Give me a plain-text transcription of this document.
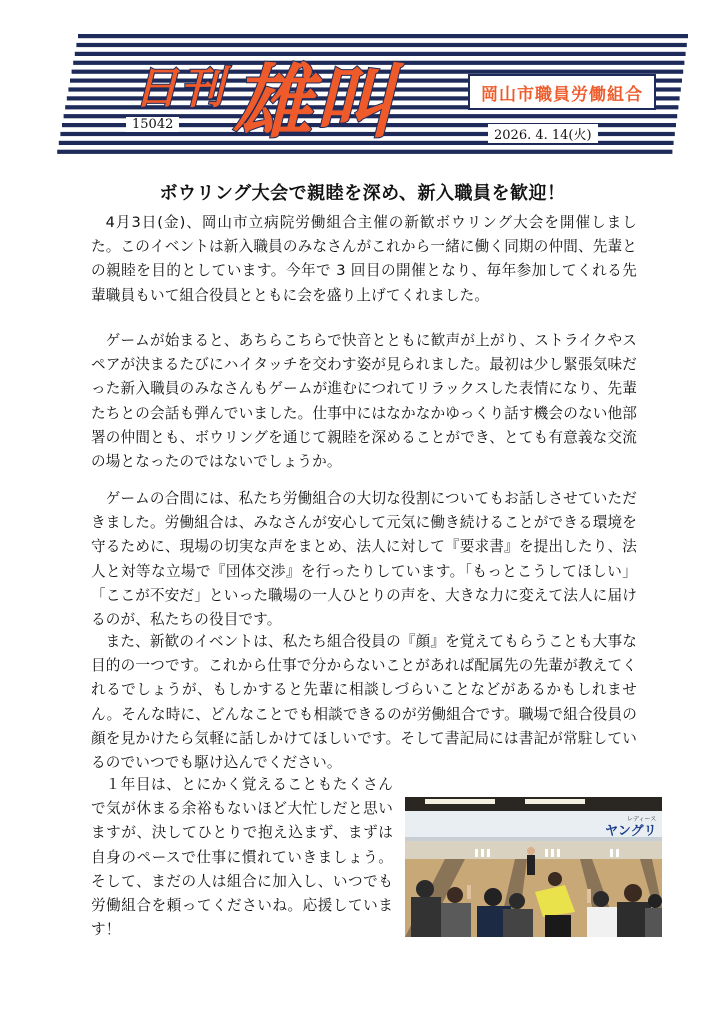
日刊雄叫	岡山市職員労働組合
15042
2026. 4. 14(火)
ボウリング大会で親睦を深め、新入職員を歓迎！

4月3日(金)、岡山市立病院労働組合主催の新歓ボウリング大会を開催しました。このイベントは新入職員のみなさんがこれから一緒に働く同期の仲間、先輩との親睦を目的としています。今年で 3 回目の開催となり、毎年参加してくれる先輩職員もいて組合役員とともに会を盛り上げてくれました。

ゲームが始まると、あちらこちらで快音とともに歓声が上がり、ストライクやスペアが決まるたびにハイタッチを交わす姿が見られました。最初は少し緊張気味だった新入職員のみなさんもゲームが進むにつれてリラックスした表情になり、先輩たちとの会話も弾んでいました。仕事中にはなかなかゆっくり話す機会のない他部署の仲間とも、ボウリングを通じて親睦を深めることができ、とても有意義な交流の場となったのではないでしょうか。

ゲームの合間には、私たち労働組合の大切な役割についてもお話しさせていただきました。労働組合は、みなさんが安心して元気に働き続けることができる環境を守るために、現場の切実な声をまとめ、法人に対して『要求書』を提出したり、法人と対等な立場で『団体交渉』を行ったりしています。「もっとこうしてほしい」「ここが不安だ」といった職場の一人ひとりの声を、大きな力に変えて法人に届けるのが、私たちの役目です。

また、新歓のイベントは、私たち組合役員の『顔』を覚えてもらうことも大事な目的の一つです。これから仕事で分からないことがあれば配属先の先輩が教えてくれるでしょうが、もしかすると先輩に相談しづらいことなどがあるかもしれません。そんな時に、どんなことでも相談できるのが労働組合です。職場で組合役員の顔を見かけたら気軽に話しかけてほしいです。そして書記局には書記が常駐しているのでいつでも駆け込んでください。

１年目は、とにかく覚えることもたくさんで気が休まる余裕もないほど大忙しだと思いますが、決してひとりで抱え込まず、まずは自身のペースで仕事に慣れていきましょう。そして、まだの人は組合に加入し、いつでも労働組合を頼ってくださいね。応援しています！

レディース
ヤングリ
